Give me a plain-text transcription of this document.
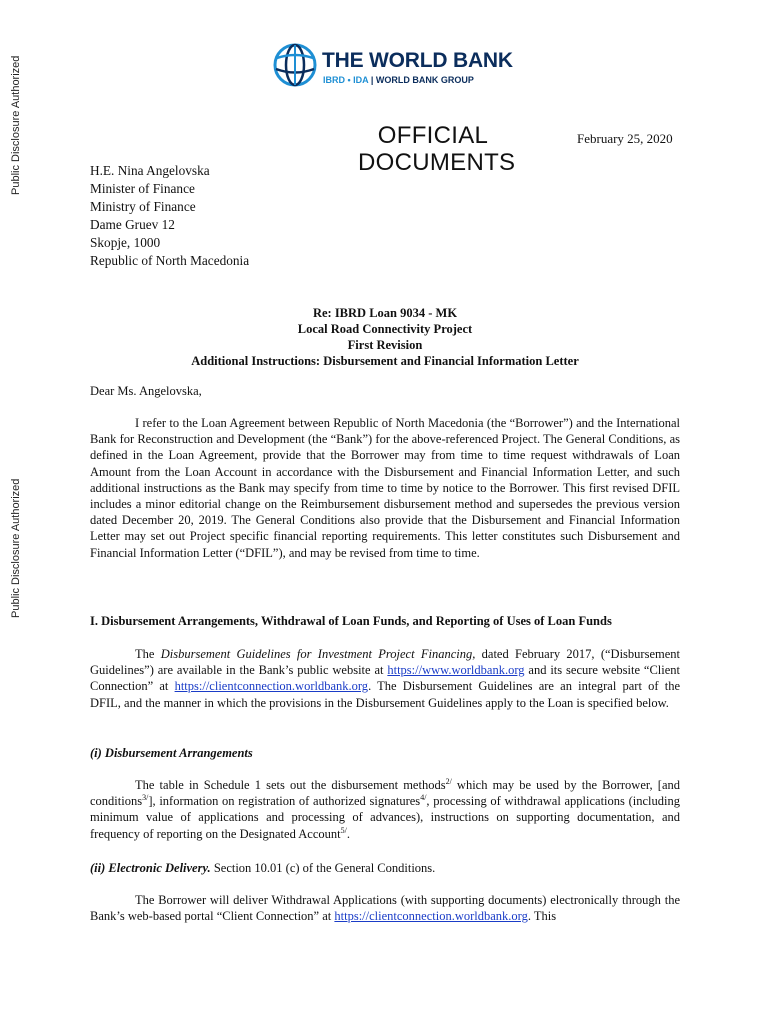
Public Disclosure Authorized
Public Disclosure Authorized
THE WORLD BANK
IBRD • IDA | WORLD BANK GROUP
OFFICIAL
DOCUMENTS
February 25, 2020
H.E. Nina Angelovska
Minister of Finance
Ministry of Finance
Dame Gruev 12
Skopje, 1000
Republic of North Macedonia
Re: IBRD Loan 9034 - MK
Local Road Connectivity Project
First Revision
Additional Instructions: Disbursement and Financial Information Letter
Dear Ms. Angelovska,

I refer to the Loan Agreement between Republic of North Macedonia (the “Borrower”) and the International Bank for Reconstruction and Development (the “Bank”) for the above-referenced Project. The General Conditions, as defined in the Loan Agreement, provide that the Borrower may from time to time request withdrawals of Loan Amount from the Loan Account in accordance with the Disbursement and Financial Information Letter, and such additional instructions as the Bank may specify from time to time by notice to the Borrower. This first revised DFIL includes a minor editorial change on the Reimbursement disbursement method and supersedes the previous version dated December 20, 2019. The General Conditions also provide that the Disbursement and Financial Information Letter may set out Project specific financial reporting requirements. This letter constitutes such Disbursement and Financial Information Letter (“DFIL”), and may be revised from time to time.

I. Disbursement Arrangements, Withdrawal of Loan Funds, and Reporting of Uses of Loan Funds

The Disbursement Guidelines for Investment Project Financing, dated February 2017, (“Disbursement Guidelines”) are available in the Bank’s public website at https://www.worldbank.org and its secure website “Client Connection” at https://clientconnection.worldbank.org. The Disbursement Guidelines are an integral part of the DFIL, and the manner in which the provisions in the Disbursement Guidelines apply to the Loan is specified below.

(i) Disbursement Arrangements

The table in Schedule 1 sets out the disbursement methods$^{2/}$ which may be used by the Borrower, [and conditions$^{3/}$], information on registration of authorized signatures$^{4/}$, processing of withdrawal applications (including minimum value of applications and processing of advances), instructions on supporting documentation, and frequency of reporting on the Designated Account$^{5/}$.

(ii) Electronic Delivery. Section 10.01 (c) of the General Conditions.

The Borrower will deliver Withdrawal Applications (with supporting documents) electronically through the Bank’s web-based portal “Client Connection” at https://clientconnection.worldbank.org. This
